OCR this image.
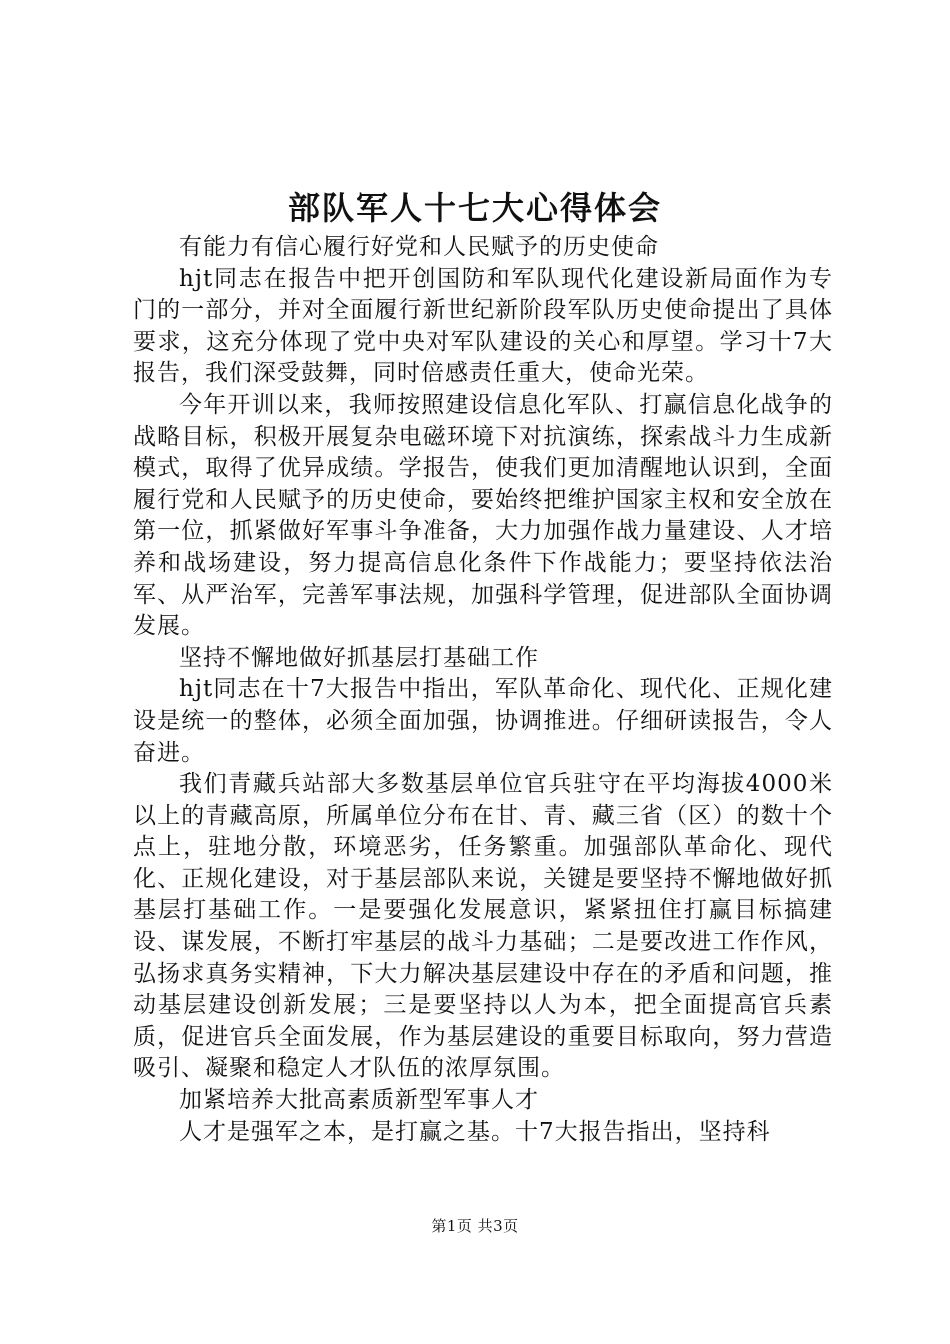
部队军人十七大心得体会

有能力有信心履行好党和人民赋予的历史使命

hjt同志在报告中把开创国防和军队现代化建设新局面作为专门的一部分，并对全面履行新世纪新阶段军队历史使命提出了具体要求，这充分体现了党中央对军队建设的关心和厚望。学习十7大报告，我们深受鼓舞，同时倍感责任重大，使命光荣。

今年开训以来，我师按照建设信息化军队、打赢信息化战争的战略目标，积极开展复杂电磁环境下对抗演练，探索战斗力生成新模式，取得了优异成绩。学报告，使我们更加清醒地认识到，全面履行党和人民赋予的历史使命，要始终把维护国家主权和安全放在第一位，抓紧做好军事斗争准备，大力加强作战力量建设、人才培养和战场建设，努力提高信息化条件下作战能力；要坚持依法治军、从严治军，完善军事法规，加强科学管理，促进部队全面协调发展。

坚持不懈地做好抓基层打基础工作

hjt同志在十7大报告中指出，军队革命化、现代化、正规化建设是统一的整体，必须全面加强，协调推进。仔细研读报告，令人奋进。

我们青藏兵站部大多数基层单位官兵驻守在平均海拔4000米以上的青藏高原，所属单位分布在甘、青、藏三省（区）的数十个点上，驻地分散，环境恶劣，任务繁重。加强部队革命化、现代化、正规化建设，对于基层部队来说，关键是要坚持不懈地做好抓基层打基础工作。一是要强化发展意识，紧紧扭住打赢目标搞建设、谋发展，不断打牢基层的战斗力基础；二是要改进工作作风，弘扬求真务实精神，下大力解决基层建设中存在的矛盾和问题，推动基层建设创新发展；三是要坚持以人为本，把全面提高官兵素质，促进官兵全面发展，作为基层建设的重要目标取向，努力营造吸引、凝聚和稳定人才队伍的浓厚氛围。

加紧培养大批高素质新型军事人才

人才是强军之本，是打赢之基。十7大报告指出，坚持科

第1页 共3页
